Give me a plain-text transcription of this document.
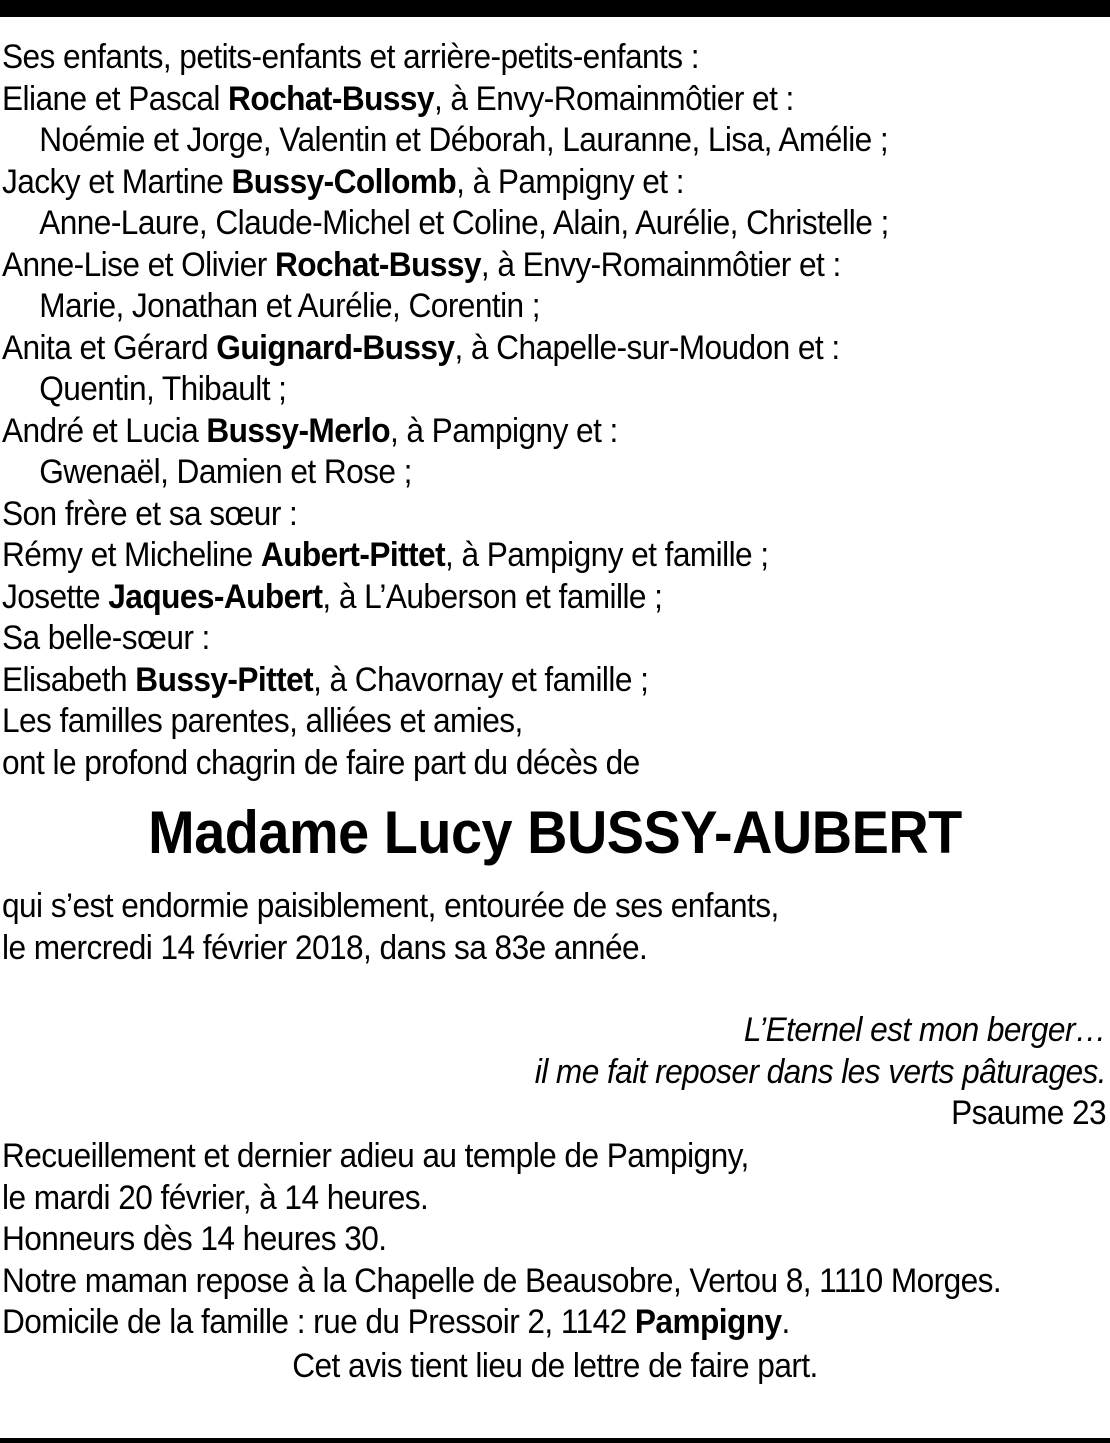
Ses enfants, petits-enfants et arrière-petits-enfants :
Eliane et Pascal Rochat-Bussy, à Envy-Romainmôtier et :
Noémie et Jorge, Valentin et Déborah, Lauranne, Lisa, Amélie ;
Jacky et Martine Bussy-Collomb, à Pampigny et :
Anne-Laure, Claude-Michel et Coline, Alain, Aurélie, Christelle ;
Anne-Lise et Olivier Rochat-Bussy, à Envy-Romainmôtier et :
Marie, Jonathan et Aurélie, Corentin ;
Anita et Gérard Guignard-Bussy, à Chapelle-sur-Moudon et :
Quentin, Thibault ;
André et Lucia Bussy-Merlo, à Pampigny et :
Gwenaël, Damien et Rose ;
Son frère et sa sœur :
Rémy et Micheline Aubert-Pittet, à Pampigny et famille ;
Josette Jaques-Aubert, à L’Auberson et famille ;
Sa belle-sœur :
Elisabeth Bussy-Pittet, à Chavornay et famille ;
Les familles parentes, alliées et amies,
ont le profond chagrin de faire part du décès de
Madame Lucy BUSSY-AUBERT
qui s’est endormie paisiblement, entourée de ses enfants,
le mercredi 14 février 2018, dans sa 83e année.
L’Eternel est mon berger…
il me fait reposer dans les verts pâturages.
Psaume 23
Recueillement et dernier adieu au temple de Pampigny,
le mardi 20 février, à 14 heures.
Honneurs dès 14 heures 30.
Notre maman repose à la Chapelle de Beausobre, Vertou 8, 1110 Morges.
Domicile de la famille : rue du Pressoir 2, 1142 Pampigny.
Cet avis tient lieu de lettre de faire part.
